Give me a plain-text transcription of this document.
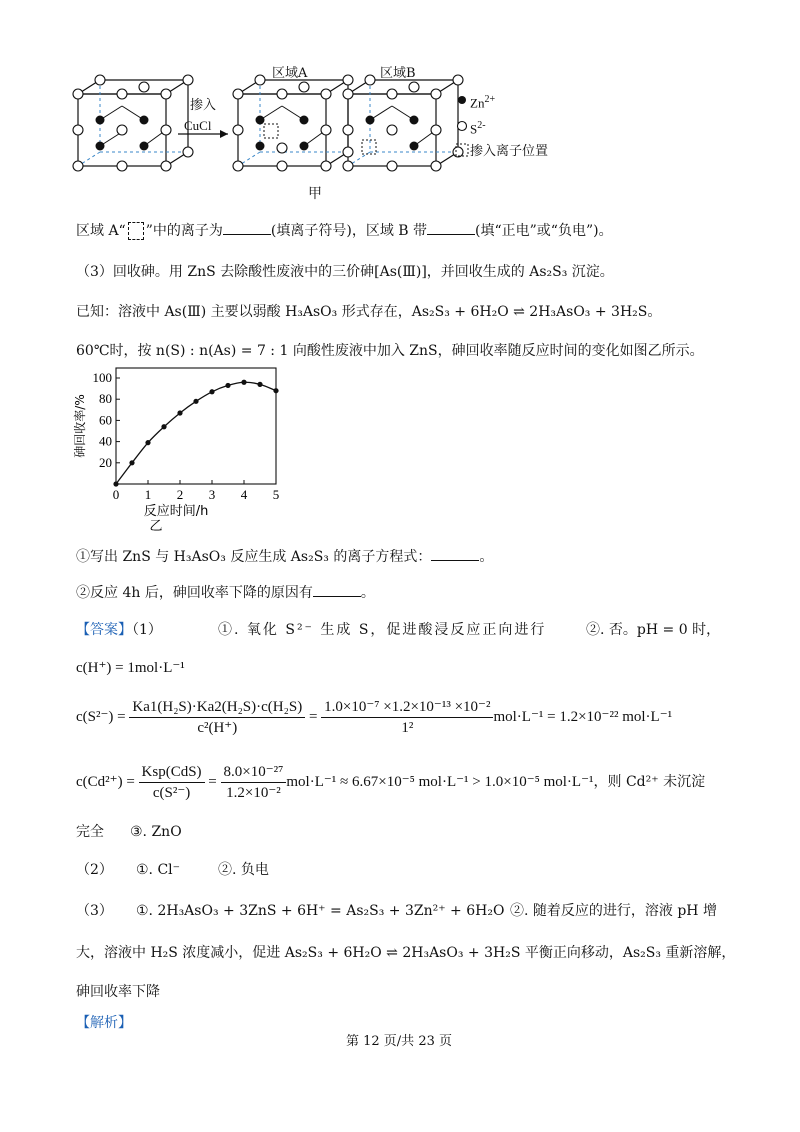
掺入
CuCl
区域A	区域B
$Zn^{2+}$
$S^{2-}$
掺入离子位置
甲
区域 A“ ”中的离子为	(填离子符号)，区域 B 带	(填“正电”或“负电”)。
（3）回收砷。用 ZnS 去除酸性废液中的三价砷[As(Ⅲ)]，并回收生成的 As₂S₃ 沉淀。
已知：溶液中 As(Ⅲ) 主要以弱酸 H₃AsO₃ 形式存在，As₂S₃ + 6H₂O ⇌ 2H₃AsO₃ + 3H₂S。
60℃时，按 n(S) : n(As) = 7 : 1 向酸性废液中加入 ZnS，砷回收率随反应时间的变化如图乙所示。
0 1 2 3 4 5
20
40
60
80
100
反应时间/h
乙
砷回收率/%
①写出 ZnS 与 H₃AsO₃ 反应生成 As₂S₃ 的离子方程式：	。
②反应 4h 后，砷回收率下降的原因有	。
【答案】（1）	①. 氧化 S²⁻ 生成 S，促进酸浸反应正向进行	②. 否。pH = 0 时，
c(H⁺) = 1mol·L⁻¹
$c(S^{2-}) = \frac{\text{Ka1(H₂S)·Ka2(H₂S)·c(H₂S)}}{\text{c²(H⁺)}} = \frac{\text{1.0×10⁻⁷ ×1.2×10⁻¹³ ×10⁻²}}{\text{1²}} mol\cdot L^{-1} = 1.2\times 10^{-22}$ mol·L⁻¹
$c(Cd^{2+}) = \frac{\text{Ksp(CdS)}}{\text{c(S²⁻)}} = \frac{\text{8.0×10⁻²⁷}}{\text{1.2×10⁻²}} mol\cdot L^{-1} \approx 6.67\times 10^{-5}$ mol·L⁻¹ > 1.0×10⁻⁵ mol·L⁻¹，则 Cd²⁺ 未沉淀
完全 ③. ZnO
（2） ①. Cl⁻	②. 负电
（3） ①. 2H₃AsO₃ + 3ZnS + 6H⁺ = As₂S₃ + 3Zn²⁺ + 6H₂O ②. 随着反应的进行，溶液 pH 增
大，溶液中 H₂S 浓度减小，促进 As₂S₃ + 6H₂O ⇌ 2H₃AsO₃ + 3H₂S 平衡正向移动，As₂S₃ 重新溶解，
砷回收率下降
【解析】
第 12 页/共 23 页
